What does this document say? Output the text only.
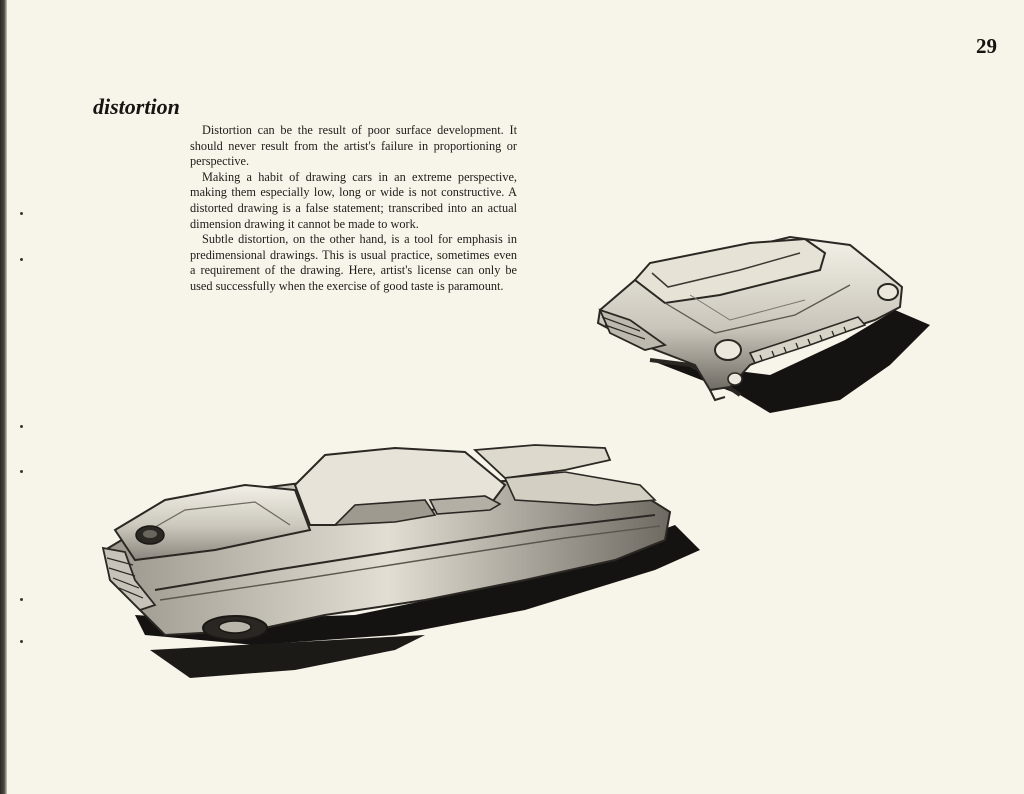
29
distortion

Distortion can be the result of poor surface development. It should never result from the artist's failure in proportioning or perspective.

Making a habit of drawing cars in an extreme perspective, making them especially low, long or wide is not constructive. A distorted drawing is a false statement; transcribed into an actual dimension drawing it cannot be made to work.

Subtle distortion, on the other hand, is a tool for emphasis in predimensional drawings. This is usual practice, sometimes even a requirement of the drawing. Here, artist's license can only be used successfully when the exercise of good taste is paramount.
